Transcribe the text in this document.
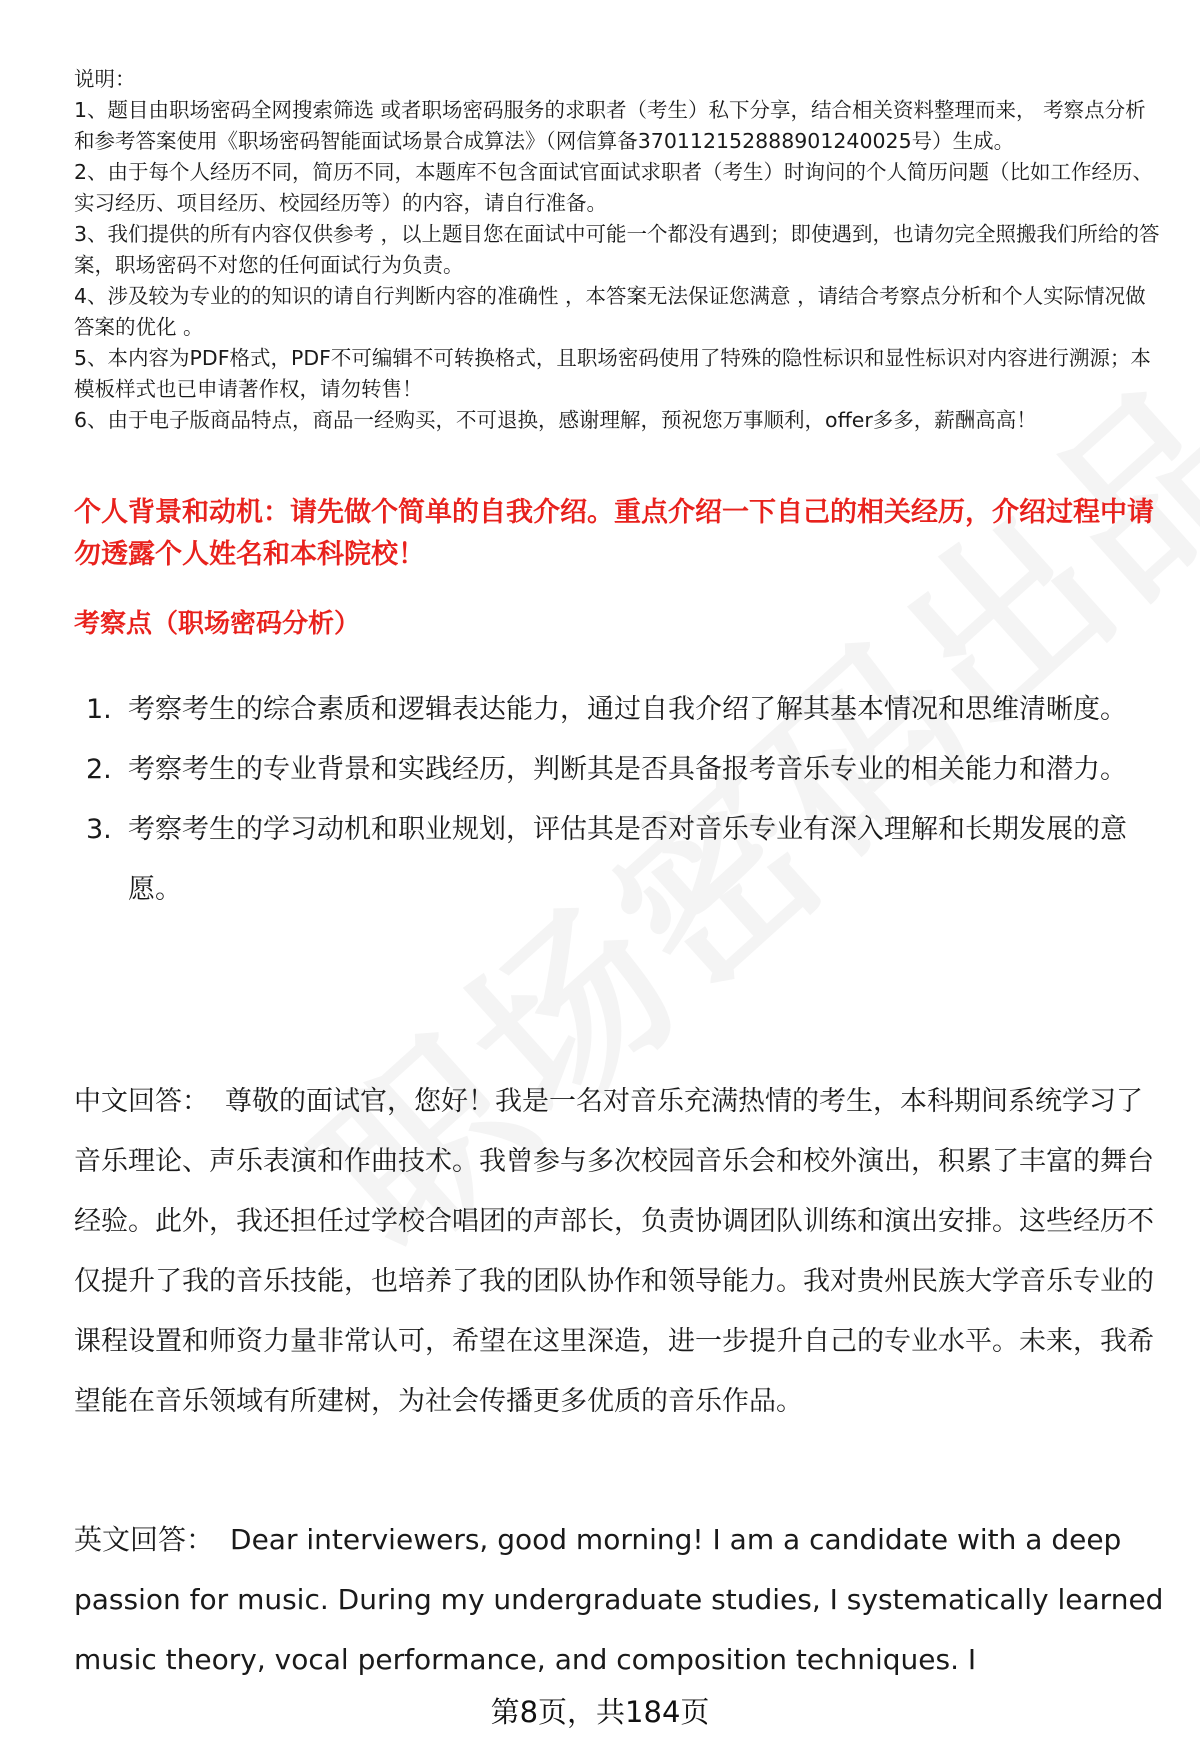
说明：

1、题目由职场密码全网搜索筛选 或者职场密码服务的求职者（考生）私下分享，结合相关资料整理而来， 考察点分析和参考答案使用《职场密码智能面试场景合成算法》（网信算备370112152888901240025号）生成。

2、由于每个人经历不同，简历不同，本题库不包含面试官面试求职者（考生）时询问的个人简历问题（比如工作经历、实习经历、项目经历、校园经历等）的内容，请自行准备。

3、我们提供的所有内容仅供参考 ，以上题目您在面试中可能一个都没有遇到；即使遇到，也请勿完全照搬我们所给的答案，职场密码不对您的任何面试行为负责。

4、涉及较为专业的的知识的请自行判断内容的准确性 ，本答案无法保证您满意 ，请结合考察点分析和个人实际情况做答案的优化 。

5、本内容为PDF格式，PDF不可编辑不可转换格式，且职场密码使用了特殊的隐性标识和显性标识对内容进行溯源；本模板样式也已申请著作权，请勿转售！

6、由于电子版商品特点，商品一经购买，不可退换，感谢理解，预祝您万事顺利，offer多多，薪酬高高！

个人背景和动机：请先做个简单的自我介绍。重点介绍一下自己的相关经历，介绍过程中请勿透露个人姓名和本科院校！
考察点（职场密码分析）
1. 考察考生的综合素质和逻辑表达能力，通过自我介绍了解其基本情况和思维清晰度。
2. 考察考生的专业背景和实践经历，判断其是否具备报考音乐专业的相关能力和潜力。
3. 考察考生的学习动机和职业规划，评估其是否对音乐专业有深入理解和长期发展的意愿。

中文回答： 尊敬的面试官，您好！我是一名对音乐充满热情的考生，本科期间系统学习了音乐理论、声乐表演和作曲技术。我曾参与多次校园音乐会和校外演出，积累了丰富的舞台经验。此外，我还担任过学校合唱团的声部长，负责协调团队训练和演出安排。这些经历不仅提升了我的音乐技能，也培养了我的团队协作和领导能力。我对贵州民族大学音乐专业的课程设置和师资力量非常认可，希望在这里深造，进一步提升自己的专业水平。未来，我希望能在音乐领域有所建树，为社会传播更多优质的音乐作品。

英文回答： Dear interviewers, good morning! I am a candidate with a deep passion for music. During my undergraduate studies, I systematically learned music theory, vocal performance, and composition techniques. I

第8页，共184页
